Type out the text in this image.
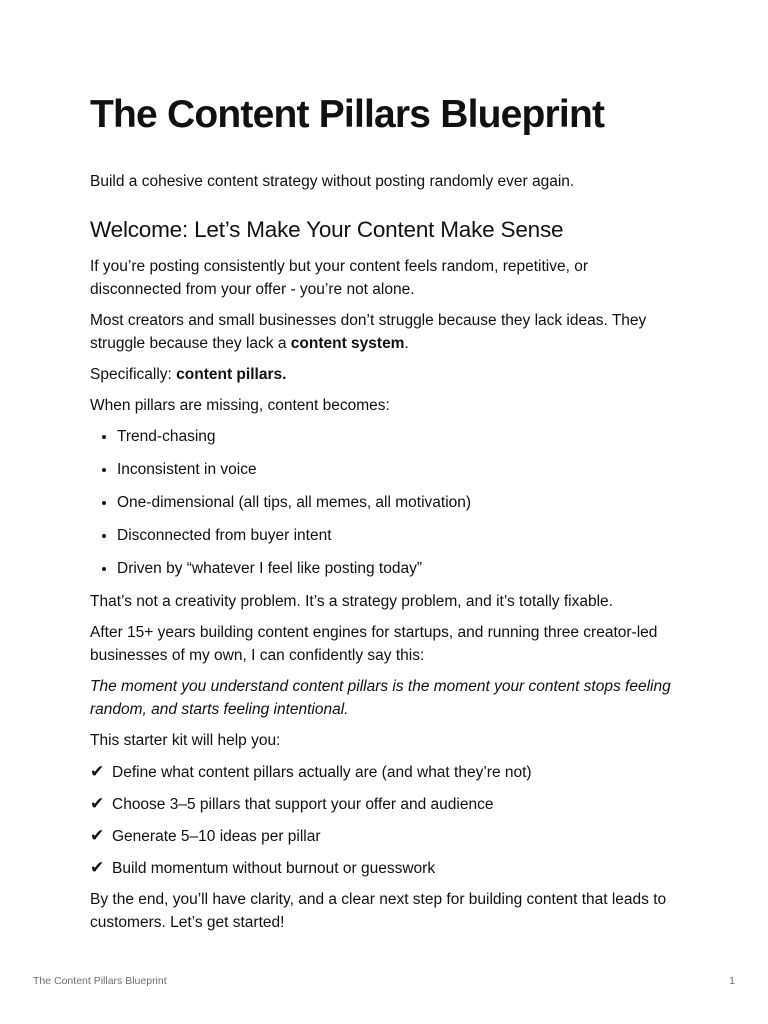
The Content Pillars Blueprint

Build a cohesive content strategy without posting randomly ever again.

Welcome: Let’s Make Your Content Make Sense

If you’re posting consistently but your content feels random, repetitive, or disconnected from your offer - you’re not alone.

Most creators and small businesses don’t struggle because they lack ideas. They struggle because they lack a content system.

Specifically: content pillars.

When pillars are missing, content becomes:

• Trend-chasing
• Inconsistent in voice
• One-dimensional (all tips, all memes, all motivation)
• Disconnected from buyer intent
• Driven by “whatever I feel like posting today”

That’s not a creativity problem. It’s a strategy problem, and it’s totally fixable.

After 15+ years building content engines for startups, and running three creator-led businesses of my own, I can confidently say this:

The moment you understand content pillars is the moment your content stops feeling random, and starts feeling intentional.

This starter kit will help you:

✔ Define what content pillars actually are (and what they’re not)
✔ Choose 3–5 pillars that support your offer and audience
✔ Generate 5–10 ideas per pillar
✔ Build momentum without burnout or guesswork

By the end, you’ll have clarity, and a clear next step for building content that leads to customers. Let’s get started!

The Content Pillars Blueprint	1
